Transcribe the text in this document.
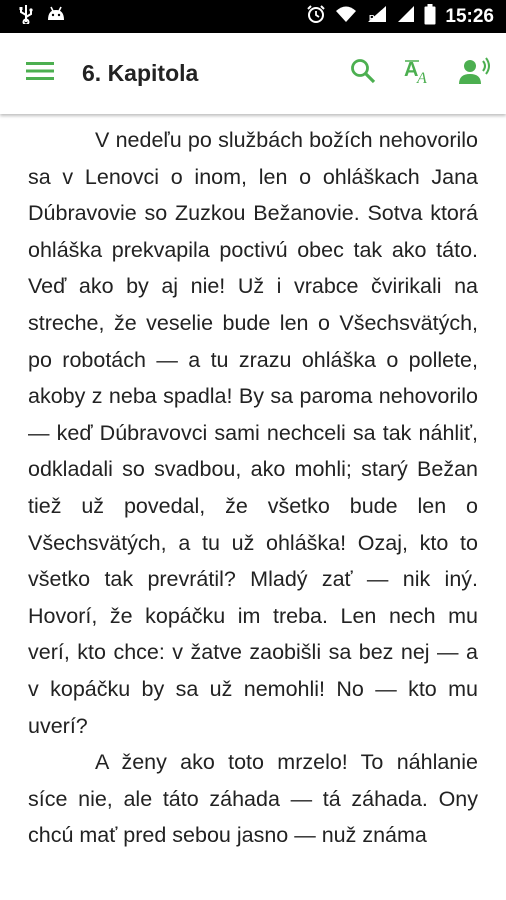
R	15:26
6. Kapitola	A
A

V nedeľu po službách božích nehovorilo sa v Lenovci o inom, len o ohláškach Jana Dúbravovie so Zuzkou Bežanovie. Sotva ktorá ohláška prekvapila poctivú obec tak ako táto. Veď ako by aj nie! Už i vrabce čvirikali na streche, že veselie bude len o Všechsvätých, po robotách — a tu zrazu ohláška o pollete, akoby z neba spadla! By sa paroma nehovorilo — keď Dúbravovci sami nechceli sa tak náhliť, odkladali so svadbou, ako mohli; starý Bežan tiež už povedal, že všetko bude len o Všechsvätých, a tu už ohláška! Ozaj, kto to všetko tak prevrátil? Mladý zať — nik iný. Hovorí, že kopáčku im treba. Len nech mu verí, kto chce: v žatve zaobišli sa bez nej — a v kopáčku by sa už nemohli! No — kto mu uverí?

A ženy ako toto mrzelo! To náhlanie síce nie, ale táto záhada — tá záhada. Ony chcú mať pred sebou jasno — nuž známa
